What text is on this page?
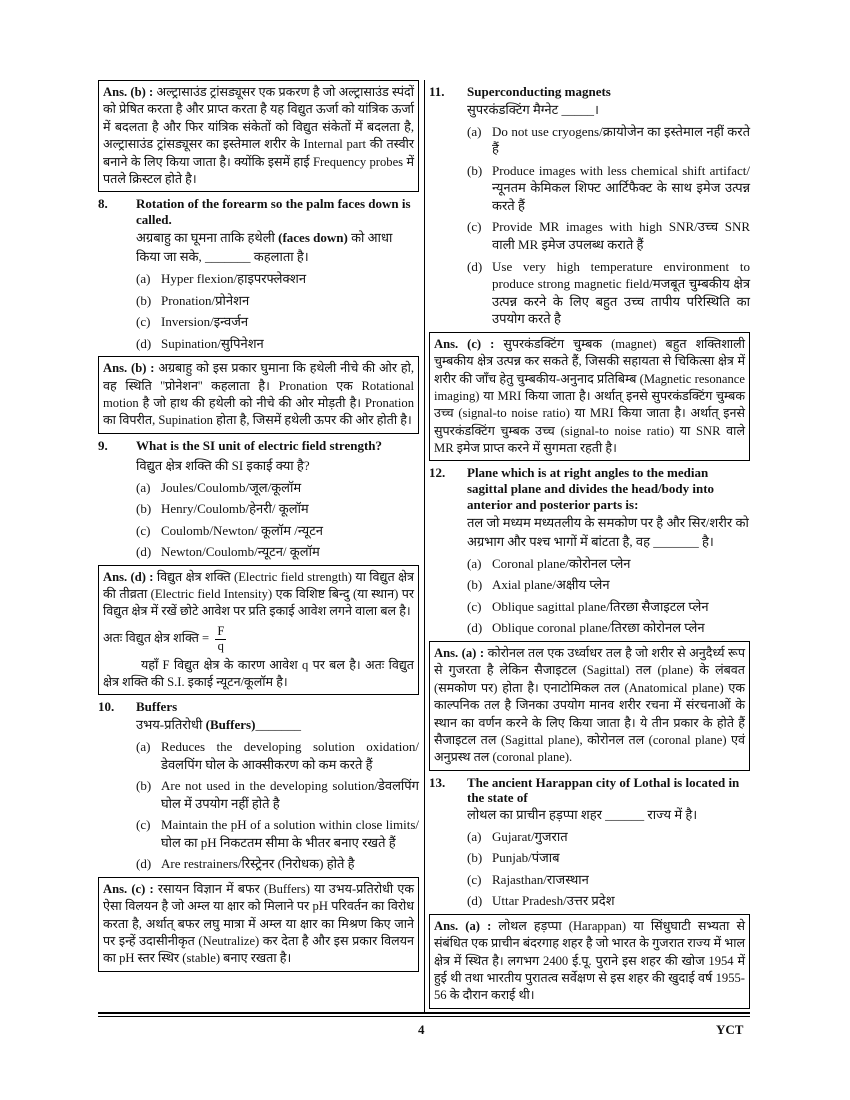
Ans. (b) : अल्ट्रासाउंड ट्रांसड्यूसर एक प्रकरण है जो अल्ट्रासाउंड स्पंदों को प्रेषित करता है और प्राप्त करता है यह विद्युत ऊर्जा को यांत्रिक ऊर्जा में बदलता है और फिर यांत्रिक संकेतों को विद्युत संकेतों में बदलता है, अल्ट्रासाउंड ट्रांसड्यूसर का इस्तेमाल शरीर के Internal part की तस्वीर बनाने के लिए किया जाता है। क्योंकि इसमें हाई Frequency probes में पतले क्रिस्टल होते है।
8.	Rotation of the forearm so the palm faces down is called.
अग्रबाहु का घूमना ताकि हथेली (faces down) को आधा किया जा सके, _______ कहलाता है।
(a) Hyper flexion/हाइपरफ्लेक्शन
(b) Pronation/प्रोनेशन
(c) Inversion/इन्वर्जन
(d) Supination/सुपिनेशन
Ans. (b) : अग्रबाहु को इस प्रकार घुमाना कि हथेली नीचे की ओर हो, वह स्थिति ''प्रोनेशन'' कहलाता है। Pronation एक Rotational motion है जो हाथ की हथेली को नीचे की ओर मोड़ती है। Pronation का विपरीत, Supination होता है, जिसमें हथेली ऊपर की ओर होती है।
9.	What is the SI unit of electric field strength?
विद्युत क्षेत्र शक्ति की SI इकाई क्या है?
(a) Joules/Coulomb/जूल/कूलॉम
(b) Henry/Coulomb/हेनरी/ कूलॉम
(c) Coulomb/Newton/ कूलॉम /न्यूटन
(d) Newton/Coulomb/न्यूटन/ कूलॉम
Ans. (d) : विद्युत क्षेत्र शक्ति (Electric field strength) या विद्युत क्षेत्र की तीव्रता (Electric field Intensity) एक विशिष्ट बिन्दु (या स्थान) पर विद्युत क्षेत्र में रखें छोटे आवेश पर प्रति इकाई आवेश लगने वाला बल है।
अतः विद्युत क्षेत्र शक्ति = $\frac{F}{q}$
यहाँ F विद्युत क्षेत्र के कारण आवेश q पर बल है। अतः विद्युत क्षेत्र शक्ति की S.I. इकाई न्यूटन/कूलॉम है।
10.	Buffers
उभय-प्रतिरोधी (Buffers)_______
(a) Reduces the developing solution oxidation/डेवलपिंग घोल के आक्सीकरण को कम करते हैं
(b) Are not used in the developing solution/डेवलपिंग घोल में उपयोग नहीं होते है
(c) Maintain the pH of a solution within close limits/घोल का pH निकटतम सीमा के भीतर बनाए रखते हैं
(d) Are restrainers/रिस्ट्रेनर (निरोधक) होते है
Ans. (c) : रसायन विज्ञान में बफर (Buffers) या उभय-प्रतिरोधी एक ऐसा विलयन है जो अम्ल या क्षार को मिलाने पर pH परिवर्तन का विरोध करता है, अर्थात् बफर लघु मात्रा में अम्ल या क्षार का मिश्रण किए जाने पर इन्हें उदासीनीकृत (Neutralize) कर देता है और इस प्रकार विलयन का pH स्तर स्थिर (stable) बनाए रखता है।
11.	Superconducting magnets
सुपरकंडक्टिंग मैग्नेट _____।
(a) Do not use cryogens/क्रायोजेन का इस्तेमाल नहीं करते हैं
(b) Produce images with less chemical shift artifact/न्यूनतम केमिकल शिफ्ट आर्टिफैक्ट के साथ इमेज उत्पन्न करते हैं
(c) Provide MR images with high SNR/उच्च SNR वाली MR इमेज उपलब्ध कराते हैं
(d) Use very high temperature environment to produce strong magnetic field/मजबूत चुम्बकीय क्षेत्र उत्पन्न करने के लिए बहुत उच्च तापीय परिस्थिति का उपयोग करते है
Ans. (c) : सुपरकंडक्टिंग चुम्बक (magnet) बहुत शक्तिशाली चुम्बकीय क्षेत्र उत्पन्न कर सकते हैं, जिसकी सहायता से चिकित्सा क्षेत्र में शरीर की जाँच हेतु चुम्बकीय-अनुनाद प्रतिबिम्ब (Magnetic resonance imaging) या MRI किया जाता है। अर्थात् इनसे सुपरकंडक्टिंग चुम्बक उच्च (signal-to noise ratio) या MRI किया जाता है। अर्थात् इनसे सुपरकंडक्टिंग चुम्बक उच्च (signal-to noise ratio) या SNR वाले MR इमेज प्राप्त करने में सुगमता रहती है।
12.	Plane which is at right angles to the median sagittal plane and divides the head/body into anterior and posterior parts is:
तल जो मध्यम मध्यतलीय के समकोण पर है और सिर/शरीर को अग्रभाग और पश्च भागों में बांटता है, वह _______ है।
(a) Coronal plane/कोरोनल प्लेन
(b) Axial plane/अक्षीय प्लेन
(c) Oblique sagittal plane/तिरछा सैजाइटल प्लेन
(d) Oblique coronal plane/तिरछा कोरोनल प्लेन
Ans. (a) : कोरोनल तल एक उर्ध्वाधर तल है जो शरीर से अनुदैर्ध्य रूप से गुजरता है लेकिन सैजाइटल (Sagittal) तल (plane) के लंबवत (समकोण पर) होता है। एनाटोमिकल तल (Anatomical plane) एक काल्पनिक तल है जिनका उपयोग मानव शरीर रचना में संरचनाओं के स्थान का वर्णन करने के लिए किया जाता है। ये तीन प्रकार के होते हैं सैजाइटल तल (Sagittal plane), कोरोनल तल (coronal plane) एवं अनुप्रस्थ तल (coronal plane).
13.	The ancient Harappan city of Lothal is located in the state of
लोथल का प्राचीन हड़प्पा शहर ______ राज्य में है।
(a) Gujarat/गुजरात
(b) Punjab/पंजाब
(c) Rajasthan/राजस्थान
(d) Uttar Pradesh/उत्तर प्रदेश
Ans. (a) : लोथल हड़प्पा (Harappan) या सिंधुघाटी सभ्यता से संबंधित एक प्राचीन बंदरगाह शहर है जो भारत के गुजरात राज्य में भाल क्षेत्र में स्थित है। लगभग 2400 ई.पू. पुराने इस शहर की खोज 1954 में हुई थी तथा भारतीय पुरातत्व सर्वेक्षण से इस शहर की खुदाई वर्ष 1955-56 के दौरान कराई थी।
4	YCT
